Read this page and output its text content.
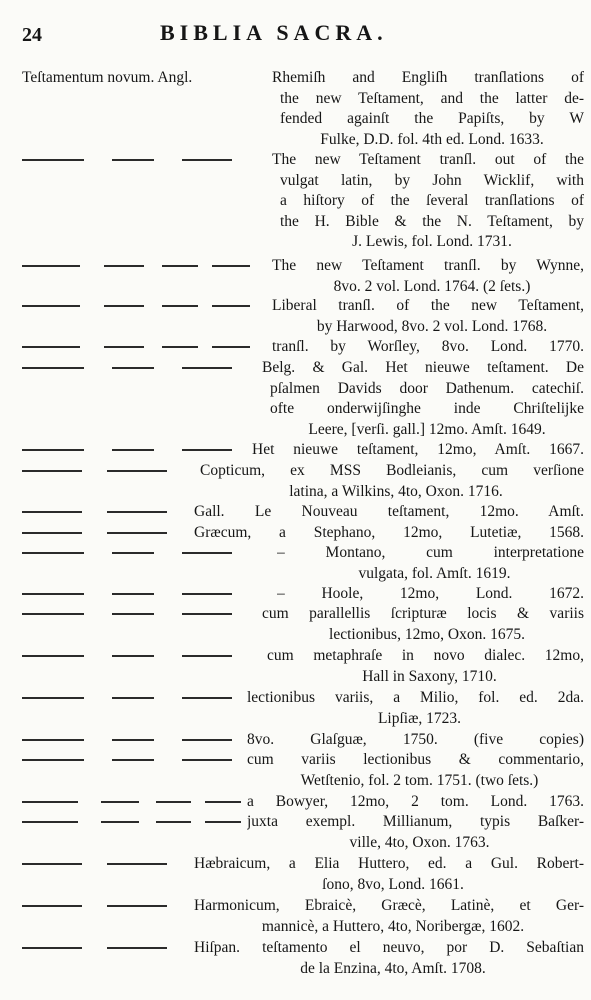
24	BIBLIA SACRA.
Teſtamentum novum. Angl.	Rhemiſh and Engliſh tranſlations of
the new Teſtament, and the latter de-
fended againſt the Papiſts, by W
Fulke, D.D. fol. 4th ed. Lond. 1633.
The new Teſtament tranſl. out of the
vulgat latin, by John Wicklif, with
a hiſtory of the ſeveral tranſlations of
the H. Bible & the N. Teſtament, by
J. Lewis, fol. Lond. 1731.
The new Teſtament tranſl. by Wynne,
8vo. 2 vol. Lond. 1764. (2 ſets.)
Liberal tranſl. of the new Teſtament,
by Harwood, 8vo. 2 vol. Lond. 1768.
tranſl. by Worſley, 8vo. Lond. 1770.
Belg. & Gal. Het nieuwe teſtament. De
pſalmen Davids door Dathenum. catechiſ.
ofte onderwijſinghe inde Chriſtelijke
Leere, [verſi. gall.] 12mo. Amſt. 1649.
Het nieuwe teſtament, 12mo, Amſt. 1667.
Copticum, ex MSS Bodleianis, cum verſione
latina, a Wilkins, 4to, Oxon. 1716.
Gall. Le Nouveau teſtament, 12mo. Amſt.
Græcum, a Stephano, 12mo, Lutetiæ, 1568.
– Montano, cum interpretatione
vulgata, fol. Amſt. 1619.
– Hoole, 12mo, Lond. 1672.
cum parallellis ſcripturæ locis & variis
lectionibus, 12mo, Oxon. 1675.
cum metaphraſe in novo dialec. 12mo,
Hall in Saxony, 1710.
lectionibus variis, a Milio, fol. ed. 2da.
Lipſiæ, 1723.
8vo. Glaſguæ, 1750. (five copies)
cum variis lectionibus & commentario,
Wetſtenio, fol. 2 tom. 1751. (two ſets.)
a Bowyer, 12mo, 2 tom. Lond. 1763.
juxta exempl. Millianum, typis Baſker-
ville, 4to, Oxon. 1763.
Hæbraicum, a Elia Huttero, ed. a Gul. Robert-
ſono, 8vo, Lond. 1661.
Harmonicum, Ebraicè, Græcè, Latinè, et Ger-
mannicè, a Huttero, 4to, Noribergæ, 1602.
Hiſpan. teſtamento el neuvo, por D. Sebaſtian
de la Enzina, 4to, Amſt. 1708.
